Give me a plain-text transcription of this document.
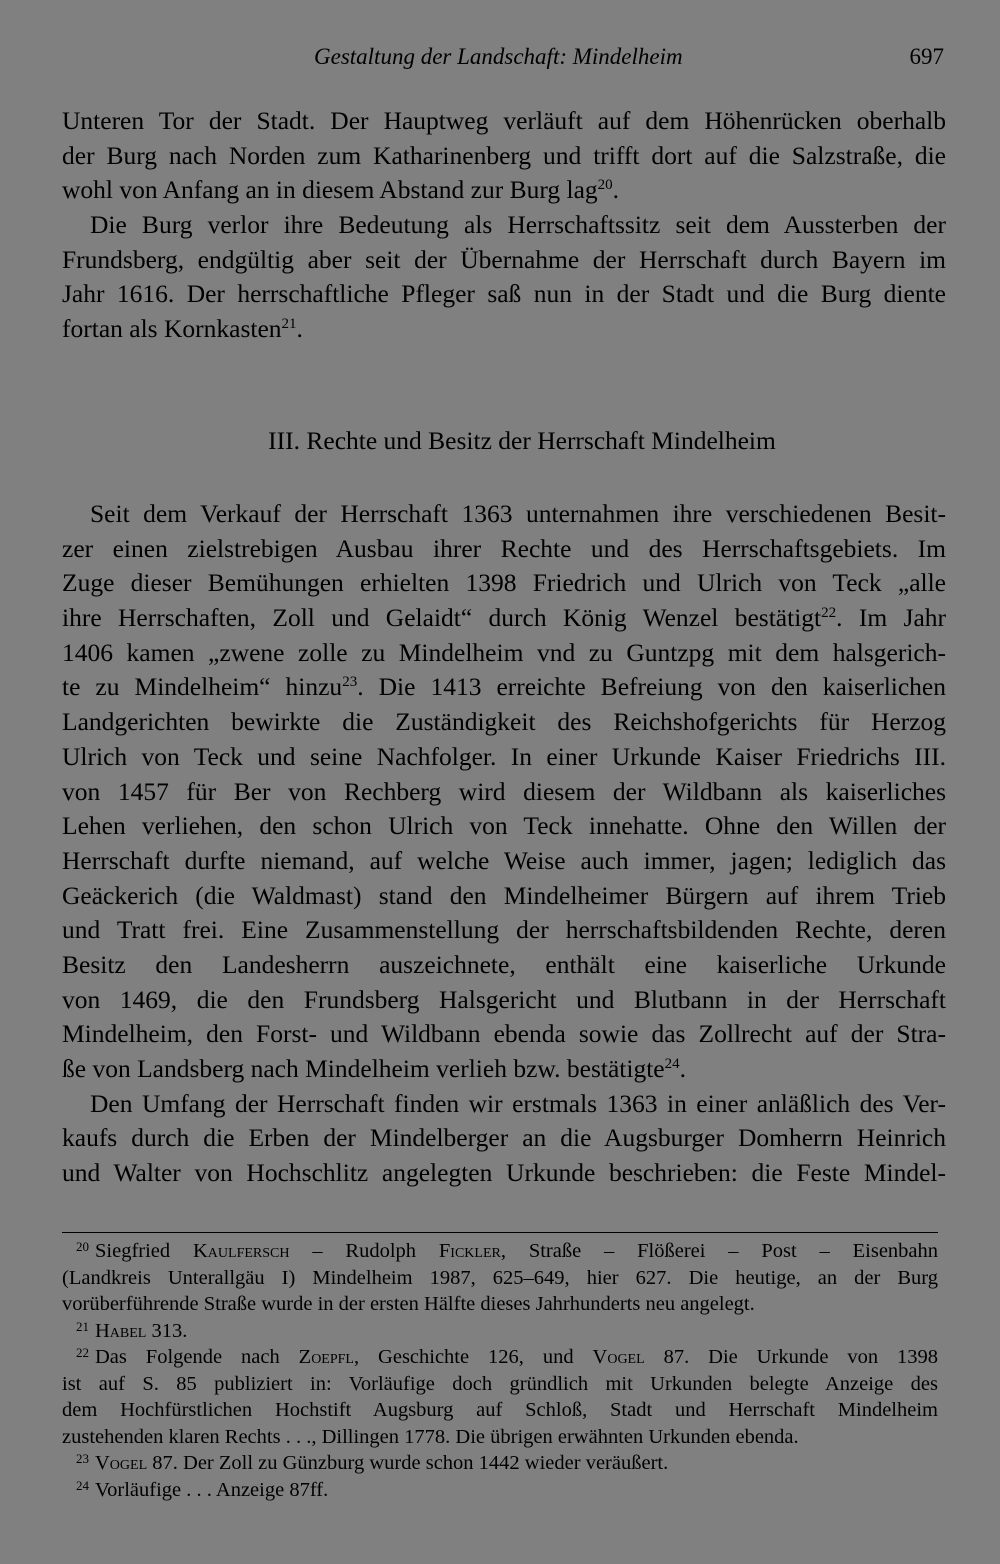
Gestaltung der Landschaft: Mindelheim	697
Unteren Tor der Stadt. Der Hauptweg verläuft auf dem Höhenrücken oberhalb
der Burg nach Norden zum Katharinenberg und trifft dort auf die Salzstraße, die
wohl von Anfang an in diesem Abstand zur Burg lag$^{20}$.
Die Burg verlor ihre Bedeutung als Herrschaftssitz seit dem Aussterben der
Frundsberg, endgültig aber seit der Übernahme der Herrschaft durch Bayern im
Jahr 1616. Der herrschaftliche Pfleger saß nun in der Stadt und die Burg diente
fortan als Kornkasten$^{21}$.
III. Rechte und Besitz der Herrschaft Mindelheim
Seit dem Verkauf der Herrschaft 1363 unternahmen ihre verschiedenen Besit-
zer einen zielstrebigen Ausbau ihrer Rechte und des Herrschaftsgebiets. Im
Zuge dieser Bemühungen erhielten 1398 Friedrich und Ulrich von Teck „alle
ihre Herrschaften, Zoll und Gelaidt“ durch König Wenzel bestätigt$^{22}$. Im Jahr
1406 kamen „zwene zolle zu Mindelheim vnd zu Guntzpg mit dem halsgerich-
te zu Mindelheim“ hinzu$^{23}$. Die 1413 erreichte Befreiung von den kaiserlichen
Landgerichten bewirkte die Zuständigkeit des Reichshofgerichts für Herzog
Ulrich von Teck und seine Nachfolger. In einer Urkunde Kaiser Friedrichs III.
von 1457 für Ber von Rechberg wird diesem der Wildbann als kaiserliches
Lehen verliehen, den schon Ulrich von Teck innehatte. Ohne den Willen der
Herrschaft durfte niemand, auf welche Weise auch immer, jagen; lediglich das
Geäckerich (die Waldmast) stand den Mindelheimer Bürgern auf ihrem Trieb
und Tratt frei. Eine Zusammenstellung der herrschaftsbildenden Rechte, deren
Besitz den Landesherrn auszeichnete, enthält eine kaiserliche Urkunde
von 1469, die den Frundsberg Halsgericht und Blutbann in der Herrschaft
Mindelheim, den Forst- und Wildbann ebenda sowie das Zollrecht auf der Stra-
ße von Landsberg nach Mindelheim verlieh bzw. bestätigte$^{24}$.
Den Umfang der Herrschaft finden wir erstmals 1363 in einer anläßlich des Ver-
kaufs durch die Erben der Mindelberger an die Augsburger Domherrn Heinrich
und Walter von Hochschlitz angelegten Urkunde beschrieben: die Feste Mindel-
$^{20}$ Siegfried Kaulfersch – Rudolph Fickler, Straße – Flößerei – Post – Eisenbahn
(Landkreis Unterallgäu I) Mindelheim 1987, 625–649, hier 627. Die heutige, an der Burg
vorüberführende Straße wurde in der ersten Hälfte dieses Jahrhunderts neu angelegt.
$^{21}$ Habel 313.
$^{22}$ Das Folgende nach Zoepfl, Geschichte 126, und Vogel 87. Die Urkunde von 1398
ist auf S. 85 publiziert in: Vorläufige doch gründlich mit Urkunden belegte Anzeige des
dem Hochfürstlichen Hochstift Augsburg auf Schloß, Stadt und Herrschaft Mindelheim
zustehenden klaren Rechts . . ., Dillingen 1778. Die übrigen erwähnten Urkunden ebenda.
$^{23}$ Vogel 87. Der Zoll zu Günzburg wurde schon 1442 wieder veräußert.
$^{24}$ Vorläufige . . . Anzeige 87ff.
